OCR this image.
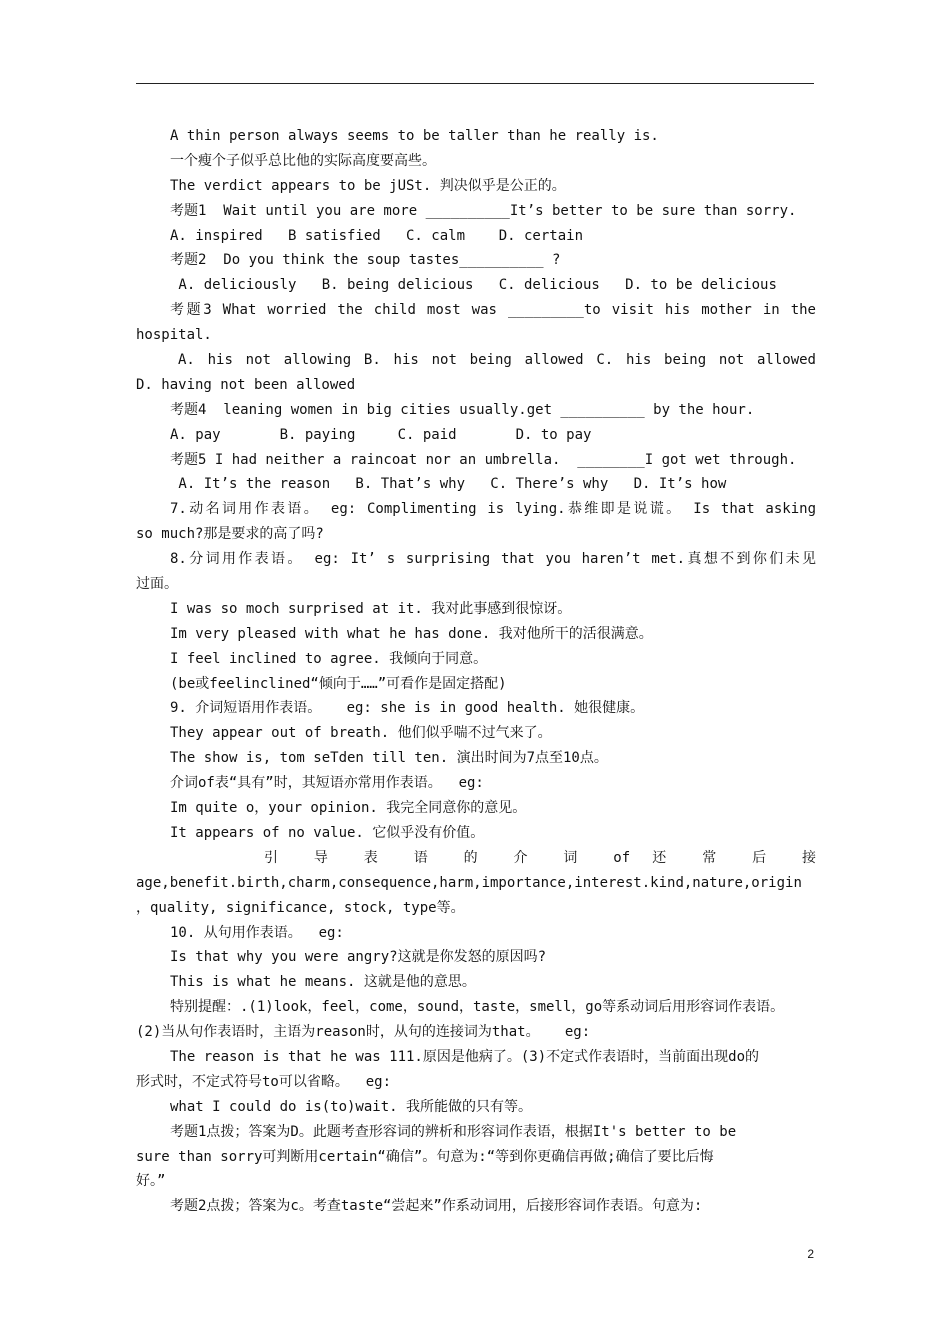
A thin person always seems to be taller than he really is.
一个瘦个子似乎总比他的实际高度要高些。
The verdict appears to be jUSt. 判决似乎是公正的。
考题1  Wait until you are more __________It’s better to be sure than sorry.
A. inspired   B satisfied   C. calm    D. certain
考题2  Do you think the soup tastes__________ ?
A. deliciously   B. being delicious   C. delicious   D. to be delicious
考题3 What worried the child most was _________to visit his mother in the
hospital.
A. his not allowing B. his not being allowed C. his being not allowed
D. having not been allowed
考题4  leaning women in big cities usually.get __________ by the hour.
A. pay       B. paying     C. paid       D. to pay
考题5 I had neither a raincoat nor an umbrella.  ________I got wet through.
A. It’s the reason   B. That’s why   C. There’s why   D. It’s how
7.动名词用作表语。 eg: Complimenting is lying.恭维即是说谎。 Is that asking
so much?那是要求的高了吗?
8.分词用作表语。 eg: It’ s surprising that you haren’t met.真想不到你们未见
过面。
I was so moch surprised at it. 我对此事感到很惊讶。
Im very pleased with what he has done. 我对他所干的活很满意。
I feel inclined to agree. 我倾向于同意。
(be或feelinclined“倾向于……”可看作是固定搭配)
9. 介词短语用作表语。   eg: she is in good health. 她很健康。
They appear out of breath. 他们似乎喘不过气来了。
The show is, tom seTden till ten. 演出时间为7点至10点。
介词of表“具有”时，其短语亦常用作表语。  eg:
Im quite o，your opinion. 我完全同意你的意见。
It appears of no value. 它似乎没有价值。
引 导 表 语 的 介 词 of 还 常 后 接
age,benefit.birth,charm,consequence,harm,importance,interest.kind,nature,origin
，quality, significance, stock, type等。
10. 从句用作表语。  eg:
Is that why you were angry?这就是你发怒的原因吗?
This is what he means. 这就是他的意思。
特别提醒：.(1)look，feel，come，sound，taste，smell，go等系动词后用形容词作表语。
(2)当从句作表语时，主语为reason时，从句的连接词为that。   eg:
The reason is that he was 111.原因是他病了。(3)不定式作表语时，当前面出现do的
形式时，不定式符号to可以省略。  eg:
what I could do is(to)wait. 我所能做的只有等。
考题1点拨；答案为D。此题考查形容词的辨析和形容词作表语，根据It's better to be
sure than sorry可判断用certain“确信”。句意为:“等到你更确信再做;确信了要比后悔
好。”
考题2点拨；答案为c。考查taste“尝起来”作系动词用，后接形容词作表语。句意为:
2
